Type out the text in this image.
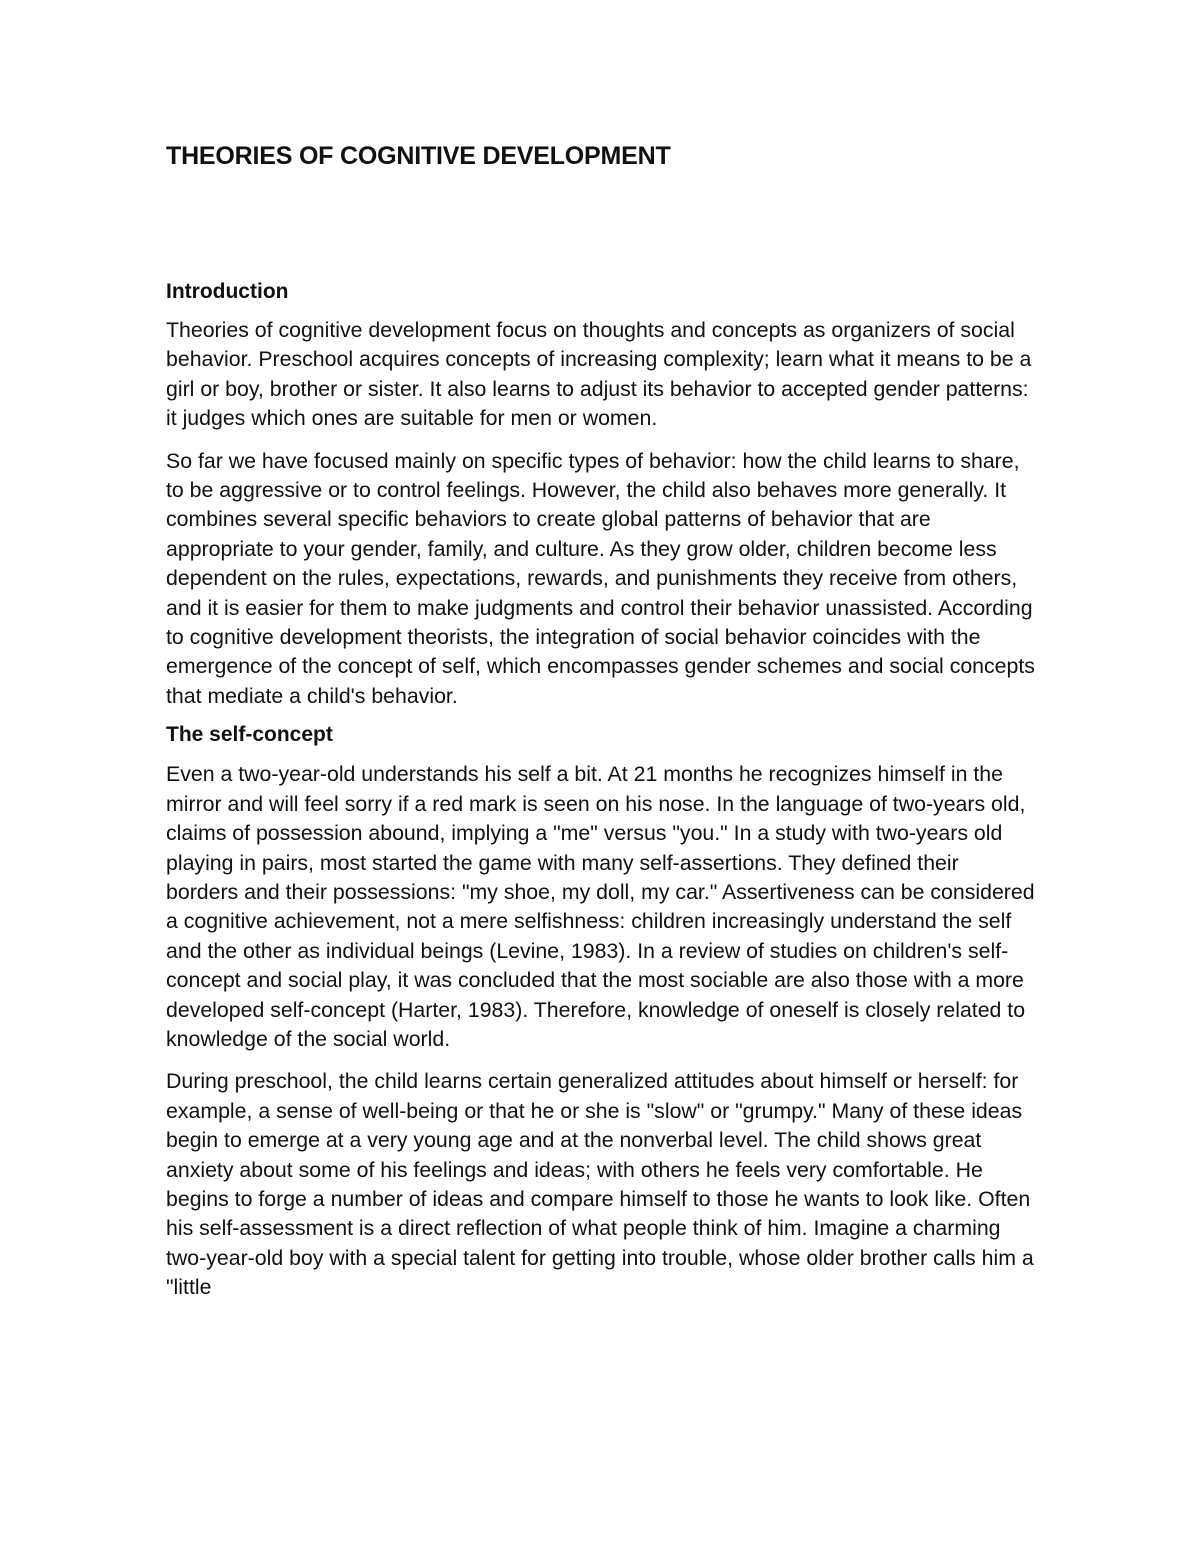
THEORIES OF COGNITIVE DEVELOPMENT
Introduction

Theories of cognitive development focus on thoughts and concepts as organizers of social behavior. Preschool acquires concepts of increasing complexity; learn what it means to be a girl or boy, brother or sister. It also learns to adjust its behavior to accepted gender patterns: it judges which ones are suitable for men or women.

So far we have focused mainly on specific types of behavior: how the child learns to share, to be aggressive or to control feelings. However, the child also behaves more generally. It combines several specific behaviors to create global patterns of behavior that are appropriate to your gender, family, and culture. As they grow older, children become less dependent on the rules, expectations, rewards, and punishments they receive from others, and it is easier for them to make judgments and control their behavior unassisted. According to cognitive development theorists, the integration of social behavior coincides with the emergence of the concept of self, which encompasses gender schemes and social concepts that mediate a child's behavior.

The self-concept

Even a two-year-old understands his self a bit. At 21 months he recognizes himself in the mirror and will feel sorry if a red mark is seen on his nose. In the language of two-years old, claims of possession abound, implying a "me" versus "you." In a study with two-years old playing in pairs, most started the game with many self-assertions. They defined their borders and their possessions: "my shoe, my doll, my car." Assertiveness can be considered a cognitive achievement, not a mere selfishness: children increasingly understand the self and the other as individual beings (Levine, 1983). In a review of studies on children's self-concept and social play, it was concluded that the most sociable are also those with a more developed self-concept (Harter, 1983). Therefore, knowledge of oneself is closely related to knowledge of the social world.

During preschool, the child learns certain generalized attitudes about himself or herself: for example, a sense of well-being or that he or she is "slow" or "grumpy." Many of these ideas begin to emerge at a very young age and at the nonverbal level. The child shows great anxiety about some of his feelings and ideas; with others he feels very comfortable. He begins to forge a number of ideas and compare himself to those he wants to look like. Often his self-assessment is a direct reflection of what people think of him. Imagine a charming two-year-old boy with a special talent for getting into trouble, whose older brother calls him a "little
